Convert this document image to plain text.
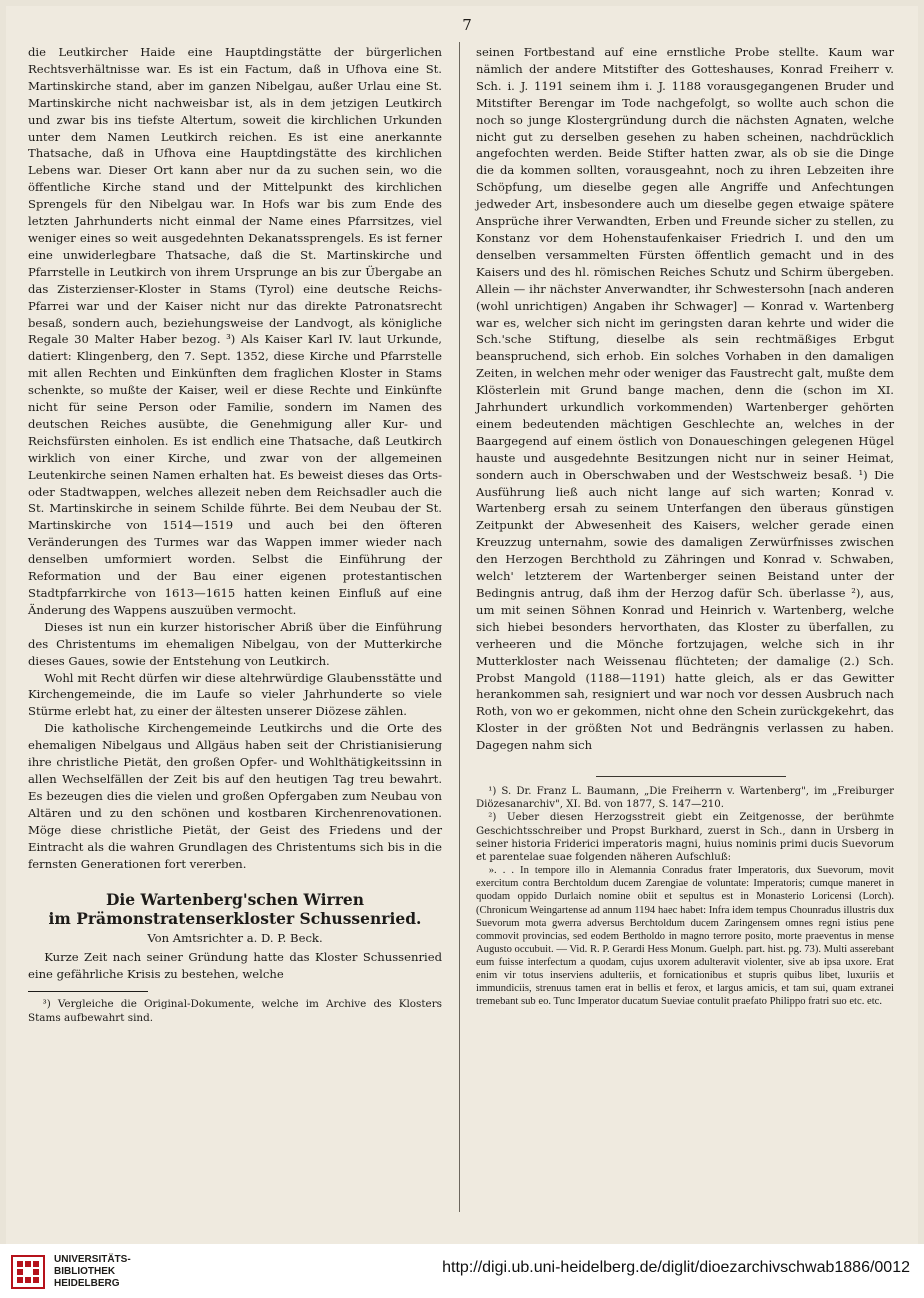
7

die Leutkircher Haide eine Hauptdingstätte der bürgerlichen Rechtsverhältnisse war. Es ist ein Factum, daß in Ufhova eine St. Martinskirche stand, aber im ganzen Nibelgau, außer Urlau eine St. Martinskirche nicht nachweisbar ist, als in dem jetzigen Leutkirch und zwar bis ins tiefste Altertum, soweit die kirchlichen Urkunden unter dem Namen Leutkirch reichen. Es ist eine anerkannte Thatsache, daß in Ufhova eine Hauptdingstätte des kirchlichen Lebens war. Dieser Ort kann aber nur da zu suchen sein, wo die öffentliche Kirche stand und der Mittelpunkt des kirchlichen Sprengels für den Nibelgau war. In Hofs war bis zum Ende des letzten Jahrhunderts nicht einmal der Name eines Pfarrsitzes, viel weniger eines so weit ausgedehnten Dekanatssprengels. Es ist ferner eine unwiderlegbare Thatsache, daß die St. Martinskirche und Pfarrstelle in Leutkirch von ihrem Ursprunge an bis zur Übergabe an das Zisterzienser-Kloster in Stams (Tyrol) eine deutsche Reichs-Pfarrei war und der Kaiser nicht nur das direkte Patronatsrecht besaß, sondern auch, beziehungsweise der Landvogt, als königliche Regale 30 Malter Haber bezog. ³) Als Kaiser Karl IV. laut Urkunde, datiert: Klingenberg, den 7. Sept. 1352, diese Kirche und Pfarrstelle mit allen Rechten und Einkünften dem fraglichen Kloster in Stams schenkte, so mußte der Kaiser, weil er diese Rechte und Einkünfte nicht für seine Person oder Familie, sondern im Namen des deutschen Reiches ausübte, die Genehmigung aller Kur- und Reichsfürsten einholen. Es ist endlich eine Thatsache, daß Leutkirch wirklich von einer Kirche, und zwar von der allgemeinen Leutenkirche seinen Namen erhalten hat. Es beweist dieses das Orts- oder Stadtwappen, welches allezeit neben dem Reichsadler auch die St. Martinskirche in seinem Schilde führte. Bei dem Neubau der St. Martinskirche von 1514—1519 und auch bei den öfteren Veränderungen des Turmes war das Wappen immer wieder nach denselben umformiert worden. Selbst die Einführung der Reformation und der Bau einer eigenen protestantischen Stadtpfarrkirche von 1613—1615 hatten keinen Einfluß auf eine Änderung des Wappens auszuüben vermocht.

Dieses ist nun ein kurzer historischer Abriß über die Einführung des Christentums im ehemaligen Nibelgau, von der Mutterkirche dieses Gaues, sowie der Entstehung von Leutkirch.

Wohl mit Recht dürfen wir diese altehrwürdige Glaubensstätte und Kirchengemeinde, die im Laufe so vieler Jahrhunderte so viele Stürme erlebt hat, zu einer der ältesten unserer Diözese zählen.

Die katholische Kirchengemeinde Leutkirchs und die Orte des ehemaligen Nibelgaus und Allgäus haben seit der Christianisierung ihre christliche Pietät, den großen Opfer- und Wohlthätigkeitssinn in allen Wechselfällen der Zeit bis auf den heutigen Tag treu bewahrt. Es bezeugen dies die vielen und großen Opfergaben zum Neubau von Altären und zu den schönen und kostbaren Kirchenrenovationen. Möge diese christliche Pietät, der Geist des Friedens und der Eintracht als die wahren Grundlagen des Christentums sich bis in die fernsten Generationen fort vererben.

Die Wartenberg'schen Wirren
im Prämonstratenserkloster Schussenried.
Von Amtsrichter a. D. P. Beck.

Kurze Zeit nach seiner Gründung hatte das Kloster Schussenried eine gefährliche Krisis zu bestehen, welche

³) Vergleiche die Original-Dokumente, welche im Archive des Klosters Stams aufbewahrt sind.

seinen Fortbestand auf eine ernstliche Probe stellte. Kaum war nämlich der andere Mitstifter des Gotteshauses, Konrad Freiherr v. Sch. i. J. 1191 seinem ihm i. J. 1188 vorausgegangenen Bruder und Mitstifter Berengar im Tode nachgefolgt, so wollte auch schon die noch so junge Klostergründung durch die nächsten Agnaten, welche nicht gut zu derselben gesehen zu haben scheinen, nachdrücklich angefochten werden. Beide Stifter hatten zwar, als ob sie die Dinge die da kommen sollten, vorausgeahnt, noch zu ihren Lebzeiten ihre Schöpfung, um dieselbe gegen alle Angriffe und Anfechtungen jedweder Art, insbesondere auch um dieselbe gegen etwaige spätere Ansprüche ihrer Verwandten, Erben und Freunde sicher zu stellen, zu Konstanz vor dem Hohenstaufenkaiser Friedrich I. und den um denselben versammelten Fürsten öffentlich gemacht und in des Kaisers und des hl. römischen Reiches Schutz und Schirm übergeben. Allein — ihr nächster Anverwandter, ihr Schwestersohn [nach anderen (wohl unrichtigen) Angaben ihr Schwager] — Konrad v. Wartenberg war es, welcher sich nicht im geringsten daran kehrte und wider die Sch.'sche Stiftung, dieselbe als sein rechtmäßiges Erbgut beanspruchend, sich erhob. Ein solches Vorhaben in den damaligen Zeiten, in welchen mehr oder weniger das Faustrecht galt, mußte dem Klösterlein mit Grund bange machen, denn die (schon im XI. Jahrhundert urkundlich vorkommenden) Wartenberger gehörten einem bedeutenden mächtigen Geschlechte an, welches in der Baargegend auf einem östlich von Donaueschingen gelegenen Hügel hauste und ausgedehnte Besitzungen nicht nur in seiner Heimat, sondern auch in Oberschwaben und der Westschweiz besaß. ¹) Die Ausführung ließ auch nicht lange auf sich warten; Konrad v. Wartenberg ersah zu seinem Unterfangen den überaus günstigen Zeitpunkt der Abwesenheit des Kaisers, welcher gerade einen Kreuzzug unternahm, sowie des damaligen Zerwürfnisses zwischen den Herzogen Berchthold zu Zähringen und Konrad v. Schwaben, welch' letzterem der Wartenberger seinen Beistand unter der Bedingnis antrug, daß ihm der Herzog dafür Sch. überlasse ²), aus, um mit seinen Söhnen Konrad und Heinrich v. Wartenberg, welche sich hiebei besonders hervorthaten, das Kloster zu überfallen, zu verheeren und die Mönche fortzujagen, welche sich in ihr Mutterkloster nach Weissenau flüchteten; der damalige (2.) Sch. Probst Mangold (1188—1191) hatte gleich, als er das Gewitter herankommen sah, resigniert und war noch vor dessen Ausbruch nach Roth, von wo er gekommen, nicht ohne den Schein zurückgekehrt, das Kloster in der größten Not und Bedrängnis verlassen zu haben. Dagegen nahm sich

¹) S. Dr. Franz L. Baumann, „Die Freiherrn v. Wartenberg", im „Freiburger Diözesanarchiv", XI. Bd. von 1877, S. 147—210.

²) Ueber diesen Herzogsstreit giebt ein Zeitgenosse, der berühmte Geschichtsschreiber und Propst Burkhard, zuerst in Sch., dann in Ursberg in seiner historia Friderici imperatoris magni, huius nominis primi ducis Suevorum et parentelae suae folgenden näheren Aufschluß:

». . . In tempore illo in Alemannia Conradus frater Imperatoris, dux Suevorum, movit exercitum contra Berchtoldum ducem Zarengiae de voluntate: Imperatoris; cumque maneret in quodam oppido Durlaich nomine obiit et sepultus est in Monasterio Loricensi (Lorch). (Chronicum Weingartense ad annum 1194 haec habet: Infra idem tempus Chounradus illustris dux Suevorum mota gwerra adversus Berchtoldum ducem Zaringensem omnes regni istius pene commovit provincias, sed eodem Bertholdo in magno terrore posito, morte praeventus in mense Augusto occubuit. — Vid. R. P. Gerardi Hess Monum. Guelph. part. hist. pg. 73). Multi asserebant eum fuisse interfectum a quodam, cujus uxorem adulteravit violenter, sive ab ipsa uxore. Erat enim vir totus inserviens adulteriis, et fornicationibus et stupris quibus libet, luxuriis et immundiciis, strenuus tamen erat in bellis et ferox, et largus amicis, et tam sui, quam extranei tremebant sub eo. Tunc Imperator ducatum Sueviae contulit praefato Philippo fratri suo etc. etc.

UNIVERSITÄTS-
BIBLIOTHEK
HEIDELBERG
http://digi.ub.uni-heidelberg.de/diglit/dioezarchivschwab1886/0012
